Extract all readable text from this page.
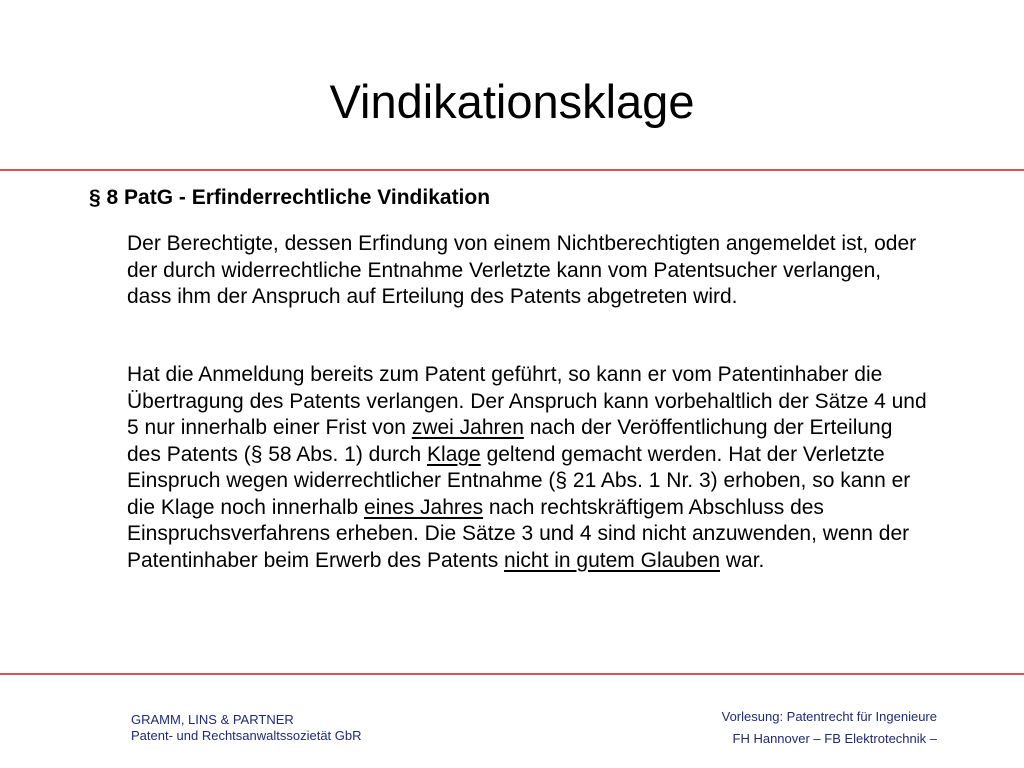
Vindikationsklage
§ 8 PatG - Erfinderrechtliche Vindikation

Der Berechtigte, dessen Erfindung von einem Nichtberechtigten angemeldet ist, oder der durch widerrechtliche Entnahme Verletzte kann vom Patentsucher verlangen, dass ihm der Anspruch auf Erteilung des Patents abgetreten wird.

Hat die Anmeldung bereits zum Patent geführt, so kann er vom Patentinhaber die Übertragung des Patents verlangen. Der Anspruch kann vorbehaltlich der Sätze 4 und 5 nur innerhalb einer Frist von zwei Jahren nach der Veröffentlichung der Erteilung des Patents (§ 58 Abs. 1) durch Klage geltend gemacht werden. Hat der Verletzte Einspruch wegen widerrechtlicher Entnahme (§ 21 Abs. 1 Nr. 3) erhoben, so kann er die Klage noch innerhalb eines Jahres nach rechtskräftigem Abschluss des Einspruchsverfahrens erheben. Die Sätze 3 und 4 sind nicht anzuwenden, wenn der Patentinhaber beim Erwerb des Patents nicht in gutem Glauben war.

GRAMM, LINS & PARTNER
Patent- und Rechtsanwaltssozietät GbR
Vorlesung: Patentrecht für Ingenieure
FH Hannover – FB Elektrotechnik –
